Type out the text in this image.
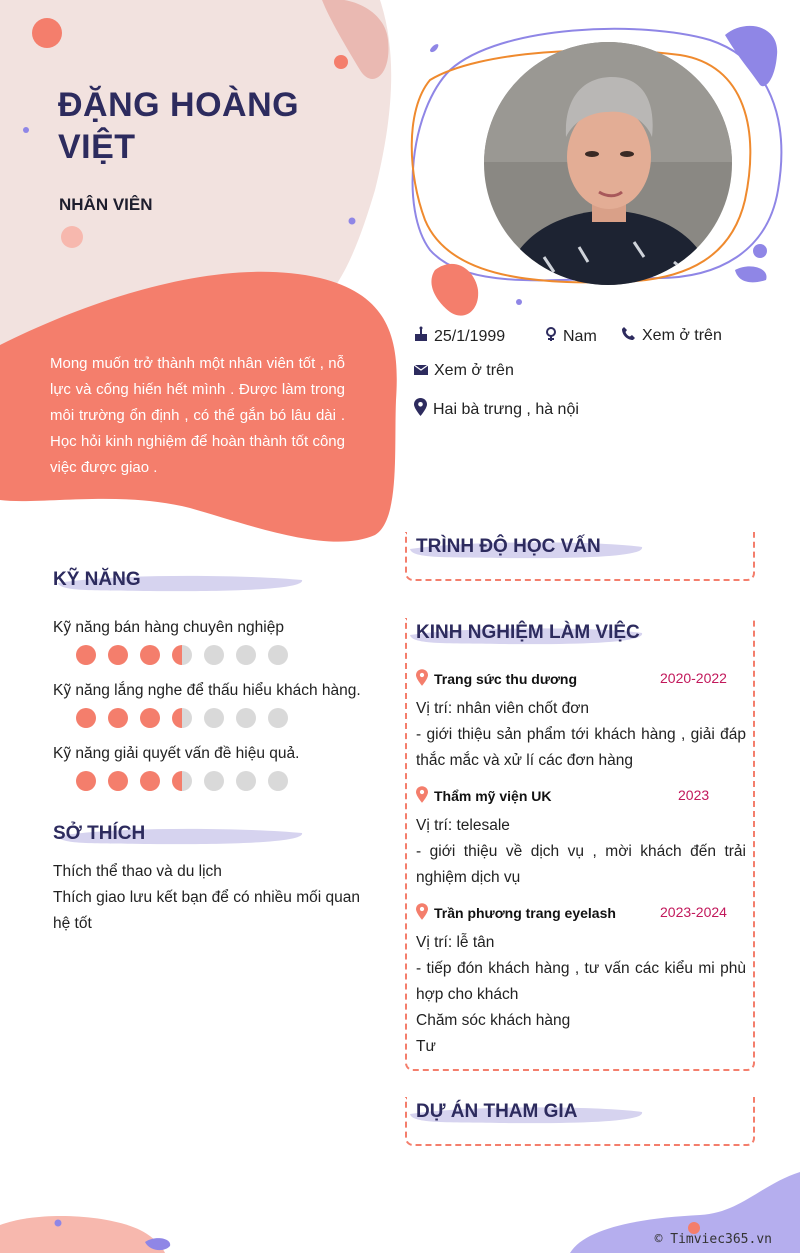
ĐẶNG HOÀNG VIỆT
NHÂN VIÊN
Mong muốn trở thành một nhân viên tốt , nỗ lực và cống hiến hết mình . Được làm trong môi trường ổn định , có thể gắn bó lâu dài . Học hỏi kinh nghiệm để hoàn thành tốt công việc được giao .
25/1/1999	Nam	Xem ở trên
Xem ở trên
Hai bà trưng , hà nội
KỸ NĂNG
Kỹ năng bán hàng chuyên nghiệp
Kỹ năng lắng nghe để thấu hiểu khách hàng.
Kỹ năng giải quyết vấn đề hiệu quả.
SỞ THÍCH
Thích thể thao và du lịch
Thích giao lưu kết bạn để có nhiều mối quan hệ tốt
TRÌNH ĐỘ HỌC VẤN
KINH NGHIỆM LÀM VIỆC
Trang sức thu dương	2020-2022
Vị trí: nhân viên chốt đơn
- giới thiệu sản phẩm tới khách hàng , giải đáp thắc mắc và xử lí các đơn hàng
Thẩm mỹ viện UK	2023
Vị trí: telesale
- giới thiệu về dịch vụ , mời khách đến trải nghiệm dịch vụ
Trần phương trang eyelash	2023-2024
Vị trí: lễ tân
- tiếp đón khách hàng , tư vấn các kiểu mi phù hợp cho khách
Chăm sóc khách hàng
Tư
DỰ ÁN THAM GIA
© Timviec365.vn
